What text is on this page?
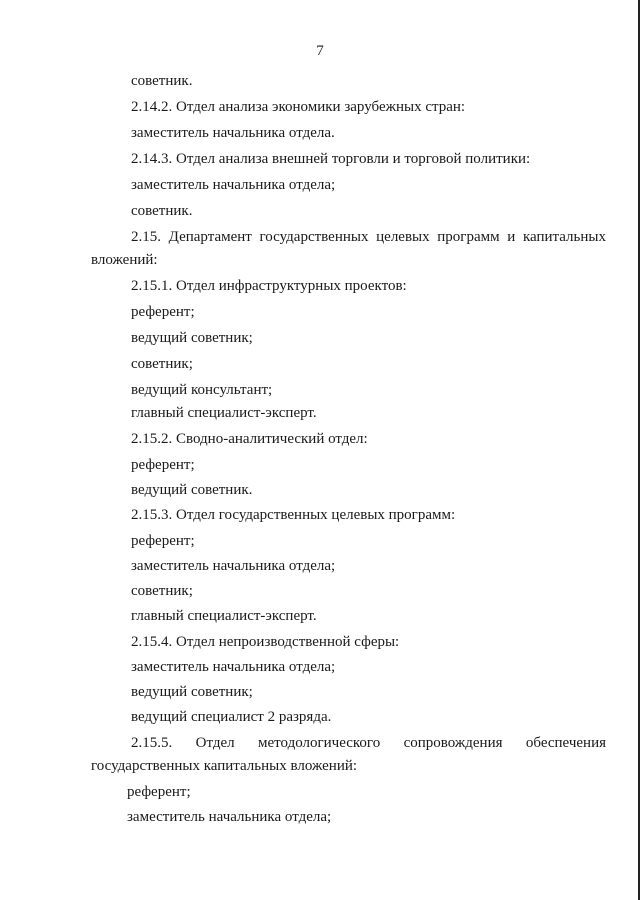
7
советник.
2.14.2. Отдел анализа экономики зарубежных стран:
заместитель начальника отдела.
2.14.3. Отдел анализа внешней торговли и торговой политики:
заместитель начальника отдела;
советник.
2.15. Департамент государственных целевых программ и капитальных
вложений:
2.15.1. Отдел инфраструктурных проектов:
референт;
ведущий советник;
советник;
ведущий консультант;
главный специалист-эксперт.
2.15.2. Сводно-аналитический отдел:
референт;
ведущий советник.
2.15.3. Отдел государственных целевых программ:
референт;
заместитель начальника отдела;
советник;
главный специалист-эксперт.
2.15.4. Отдел непроизводственной сферы:
заместитель начальника отдела;
ведущий советник;
ведущий специалист 2 разряда.
2.15.5. Отдел методологического сопровождения обеспечения
государственных капитальных вложений:
референт;
заместитель начальника отдела;
